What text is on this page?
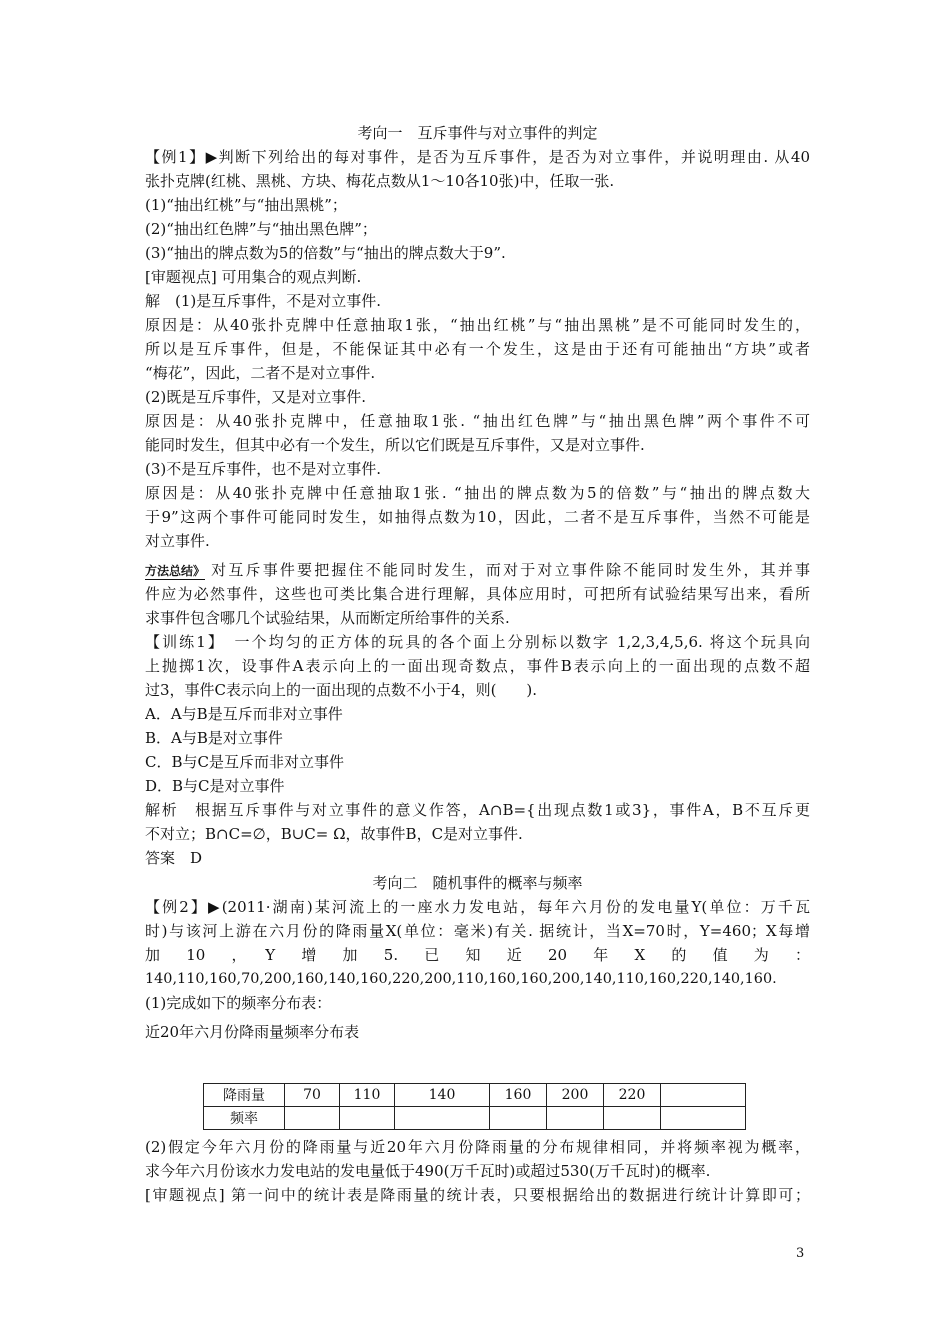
考向一　互斥事件与对立事件的判定
【例1】▶判断下列给出的每对事件，是否为互斥事件，是否为对立事件，并说明理由. 从40
张扑克牌(红桃、黑桃、方块、梅花点数从1～10各10张)中，任取一张.
(1)“抽出红桃”与“抽出黑桃”；
(2)“抽出红色牌”与“抽出黑色牌”；
(3)“抽出的牌点数为5的倍数”与“抽出的牌点数大于9”.
[审题视点] 可用集合的观点判断.
解　(1)是互斥事件，不是对立事件.
原因是：从40张扑克牌中任意抽取1张，“抽出红桃”与“抽出黑桃”是不可能同时发生的，
所以是互斥事件，但是，不能保证其中必有一个发生，这是由于还有可能抽出“方块”或者
“梅花”，因此，二者不是对立事件.
(2)既是互斥事件，又是对立事件.
原因是：从40张扑克牌中，任意抽取1张. “抽出红色牌”与“抽出黑色牌”两个事件不可
能同时发生，但其中必有一个发生，所以它们既是互斥事件，又是对立事件.
(3)不是互斥事件，也不是对立事件.
原因是：从40张扑克牌中任意抽取1张. “抽出的牌点数为5的倍数”与“抽出的牌点数大
于9”这两个事件可能同时发生，如抽得点数为10，因此，二者不是互斥事件，当然不可能是
对立事件.
方法总结》 对互斥事件要把握住不能同时发生，而对于对立事件除不能同时发生外，其并事
件应为必然事件，这些也可类比集合进行理解，具体应用时，可把所有试验结果写出来，看所
求事件包含哪几个试验结果，从而断定所给事件的关系.
【训练1】　一个均匀的正方体的玩具的各个面上分别标以数字 1,2,3,4,5,6. 将这个玩具向
上抛掷1次，设事件A表示向上的一面出现奇数点，事件B表示向上的一面出现的点数不超
过3，事件C表示向上的一面出现的点数不小于4，则(　　).
A．A与B是互斥而非对立事件
B．A与B是对立事件
C．B与C是互斥而非对立事件
D．B与C是对立事件
解析　根据互斥事件与对立事件的意义作答，A∩B={出现点数1或3}，事件A，B不互斥更
不对立；B∩C=∅，B∪C= Ω，故事件B，C是对立事件.
答案　D
考向二　随机事件的概率与频率
【例2】▶(2011·湖南)某河流上的一座水力发电站，每年六月份的发电量Y(单位：万千瓦
时)与该河上游在六月份的降雨量X(单位：毫米)有关. 据统计，当X=70时，Y=460；X每增
加　10　，　Y　增　加　5.　已　知　近　20　年　X　的　值　为　：
140,110,160,70,200,160,140,160,220,200,110,160,160,200,140,110,160,220,140,160.
(1)完成如下的频率分布表：
近20年六月份降雨量频率分布表
降雨量	70	110	140	160	200	220	
频率							
(2)假定今年六月份的降雨量与近20年六月份降雨量的分布规律相同，并将频率视为概率，
求今年六月份该水力发电站的发电量低于490(万千瓦时)或超过530(万千瓦时)的概率.
[审题视点] 第一问中的统计表是降雨量的统计表，只要根据给出的数据进行统计计算即可；
3
